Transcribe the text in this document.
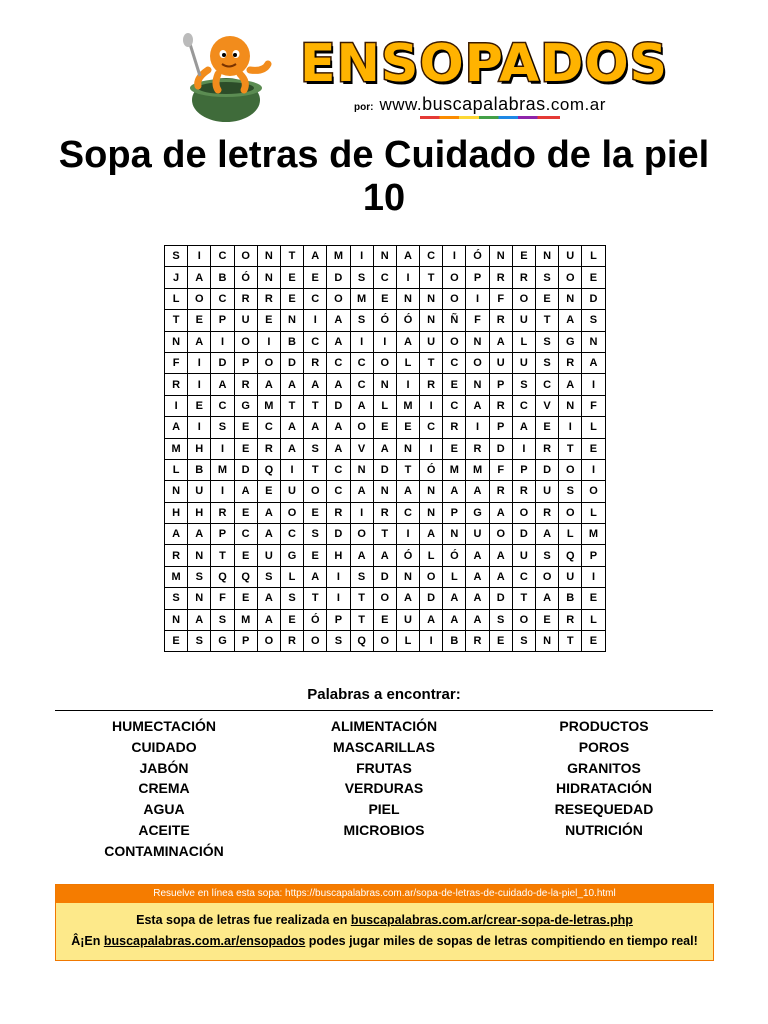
ENSOPADOS
por: www.buscapalabras.com.ar
Sopa de letras de Cuidado de la piel 10
S	I	C	O	N	T	A	M	I	N	A	C	I	Ó	N	E	N	U	L
J	A	B	Ó	N	E	E	D	S	C	I	T	O	P	R	R	S	O	E
L	O	C	R	R	E	C	O	M	E	N	N	O	I	F	O	E	N	D
T	E	P	U	E	N	I	A	S	Ó	Ó	N	Ñ	F	R	U	T	A	S
N	A	I	O	I	B	C	A	I	I	A	U	O	N	A	L	S	G	N
F	I	D	P	O	D	R	C	C	O	L	T	C	O	U	U	S	R	A
R	I	A	R	A	A	A	A	C	N	I	R	E	N	P	S	C	A	I
I	E	C	G	M	T	T	D	A	L	M	I	C	A	R	C	V	N	F
A	I	S	E	C	A	A	A	O	E	E	C	R	I	P	A	E	I	L
M	H	I	E	R	A	S	A	V	A	N	I	E	R	D	I	R	T	E
L	B	M	D	Q	I	T	C	N	D	T	Ó	M	M	F	P	D	O	I
N	U	I	A	E	U	O	C	A	N	A	N	A	A	R	R	U	S	O
H	H	R	E	A	O	E	R	I	R	C	N	P	G	A	O	R	O	L
A	A	P	C	A	C	S	D	O	T	I	A	N	U	O	D	A	L	M
R	N	T	E	U	G	E	H	A	A	Ó	L	Ó	A	A	U	S	Q	P
M	S	Q	Q	S	L	A	I	S	D	N	O	L	A	A	C	O	U	I
S	N	F	E	A	S	T	I	T	O	A	D	A	A	D	T	A	B	E
N	A	S	M	A	E	Ó	P	T	E	U	A	A	A	S	O	E	R	L
E	S	G	P	O	R	O	S	Q	O	L	I	B	R	E	S	N	T	E
Palabras a encontrar:
HUMECTACIÓN
CUIDADO
JABÓN
CREMA
AGUA
ACEITE
CONTAMINACIÓN
ALIMENTACIÓN
MASCARILLAS
FRUTAS
VERDURAS
PIEL
MICROBIOS
PRODUCTOS
POROS
GRANITOS
HIDRATACIÓN
RESEQUEDAD
NUTRICIÓN
Resuelve en línea esta sopa: https://buscapalabras.com.ar/sopa-de-letras-de-cuidado-de-la-piel_10.html
Esta sopa de letras fue realizada en buscapalabras.com.ar/crear-sopa-de-letras.php
Â¡En buscapalabras.com.ar/ensopados podes jugar miles de sopas de letras compitiendo en tiempo real!
